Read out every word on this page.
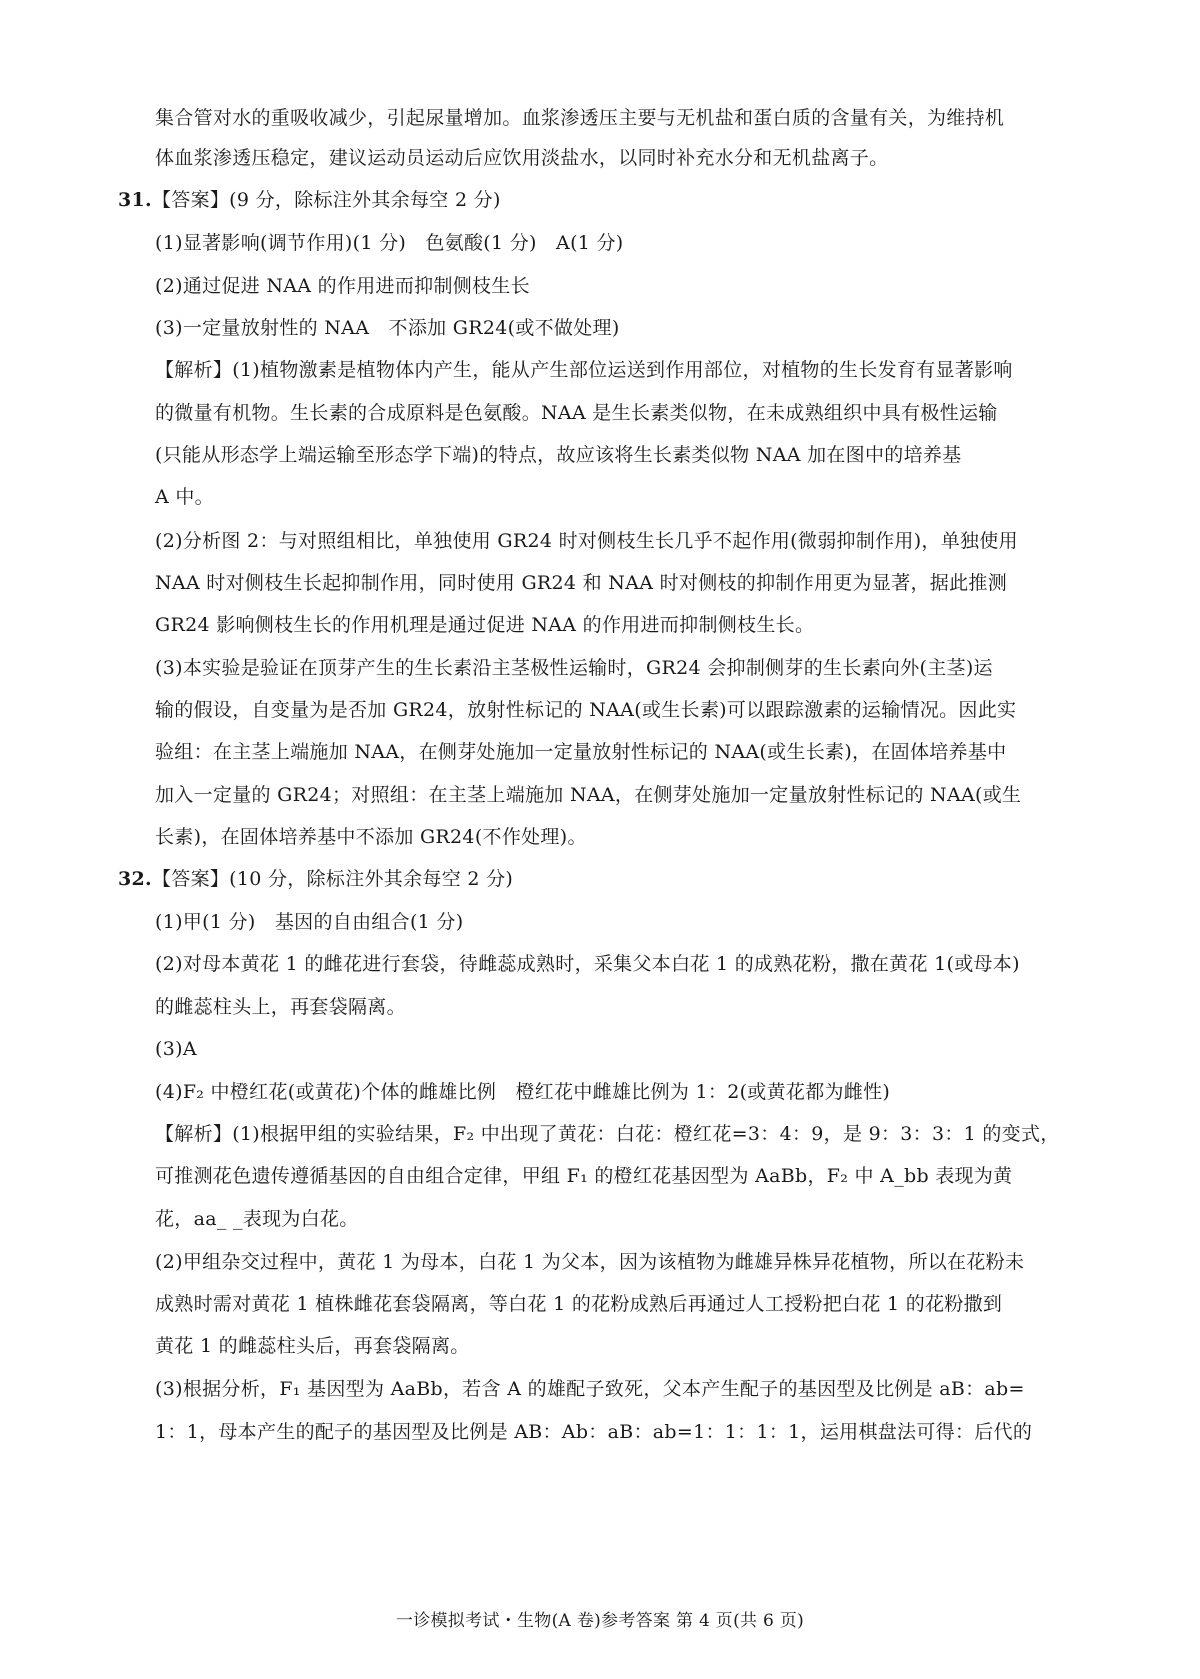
集合管对水的重吸收减少，引起尿量增加。血浆渗透压主要与无机盐和蛋白质的含量有关，为维持机
体血浆渗透压稳定，建议运动员运动后应饮用淡盐水，以同时补充水分和无机盐离子。
31.【答案】(9 分，除标注外其余每空 2 分)
(1)显著影响(调节作用)(1 分)　色氨酸(1 分)　A(1 分)
(2)通过促进 NAA 的作用进而抑制侧枝生长
(3)一定量放射性的 NAA　不添加 GR24(或不做处理)
【解析】(1)植物激素是植物体内产生，能从产生部位运送到作用部位，对植物的生长发育有显著影响
的微量有机物。生长素的合成原料是色氨酸。NAA 是生长素类似物，在未成熟组织中具有极性运输
(只能从形态学上端运输至形态学下端)的特点，故应该将生长素类似物 NAA 加在图中的培养基
A 中。
(2)分析图 2：与对照组相比，单独使用 GR24 时对侧枝生长几乎不起作用(微弱抑制作用)，单独使用
NAA 时对侧枝生长起抑制作用，同时使用 GR24 和 NAA 时对侧枝的抑制作用更为显著，据此推测
GR24 影响侧枝生长的作用机理是通过促进 NAA 的作用进而抑制侧枝生长。
(3)本实验是验证在顶芽产生的生长素沿主茎极性运输时，GR24 会抑制侧芽的生长素向外(主茎)运
输的假设，自变量为是否加 GR24，放射性标记的 NAA(或生长素)可以跟踪激素的运输情况。因此实
验组：在主茎上端施加 NAA，在侧芽处施加一定量放射性标记的 NAA(或生长素)，在固体培养基中
加入一定量的 GR24；对照组：在主茎上端施加 NAA，在侧芽处施加一定量放射性标记的 NAA(或生
长素)，在固体培养基中不添加 GR24(不作处理)。
32.【答案】(10 分，除标注外其余每空 2 分)
(1)甲(1 分)　基因的自由组合(1 分)
(2)对母本黄花 1 的雌花进行套袋，待雌蕊成熟时，采集父本白花 1 的成熟花粉，撒在黄花 1(或母本)
的雌蕊柱头上，再套袋隔离。
(3)A
(4)F₂ 中橙红花(或黄花)个体的雌雄比例　橙红花中雌雄比例为 1：2(或黄花都为雌性)
【解析】(1)根据甲组的实验结果，F₂ 中出现了黄花：白花：橙红花=3：4：9，是 9：3：3：1 的变式，
可推测花色遗传遵循基因的自由组合定律，甲组 F₁ 的橙红花基因型为 AaBb，F₂ 中 A_bb 表现为黄
花，aa_ _表现为白花。
(2)甲组杂交过程中，黄花 1 为母本，白花 1 为父本，因为该植物为雌雄异株异花植物，所以在花粉未
成熟时需对黄花 1 植株雌花套袋隔离，等白花 1 的花粉成熟后再通过人工授粉把白花 1 的花粉撒到
黄花 1 的雌蕊柱头后，再套袋隔离。
(3)根据分析，F₁ 基因型为 AaBb，若含 A 的雄配子致死，父本产生配子的基因型及比例是 aB：ab=
1：1，母本产生的配子的基因型及比例是 AB：Ab：aB：ab=1：1：1：1，运用棋盘法可得：后代的
一诊模拟考试・生物(A 卷)参考答案 第 4 页(共 6 页)
